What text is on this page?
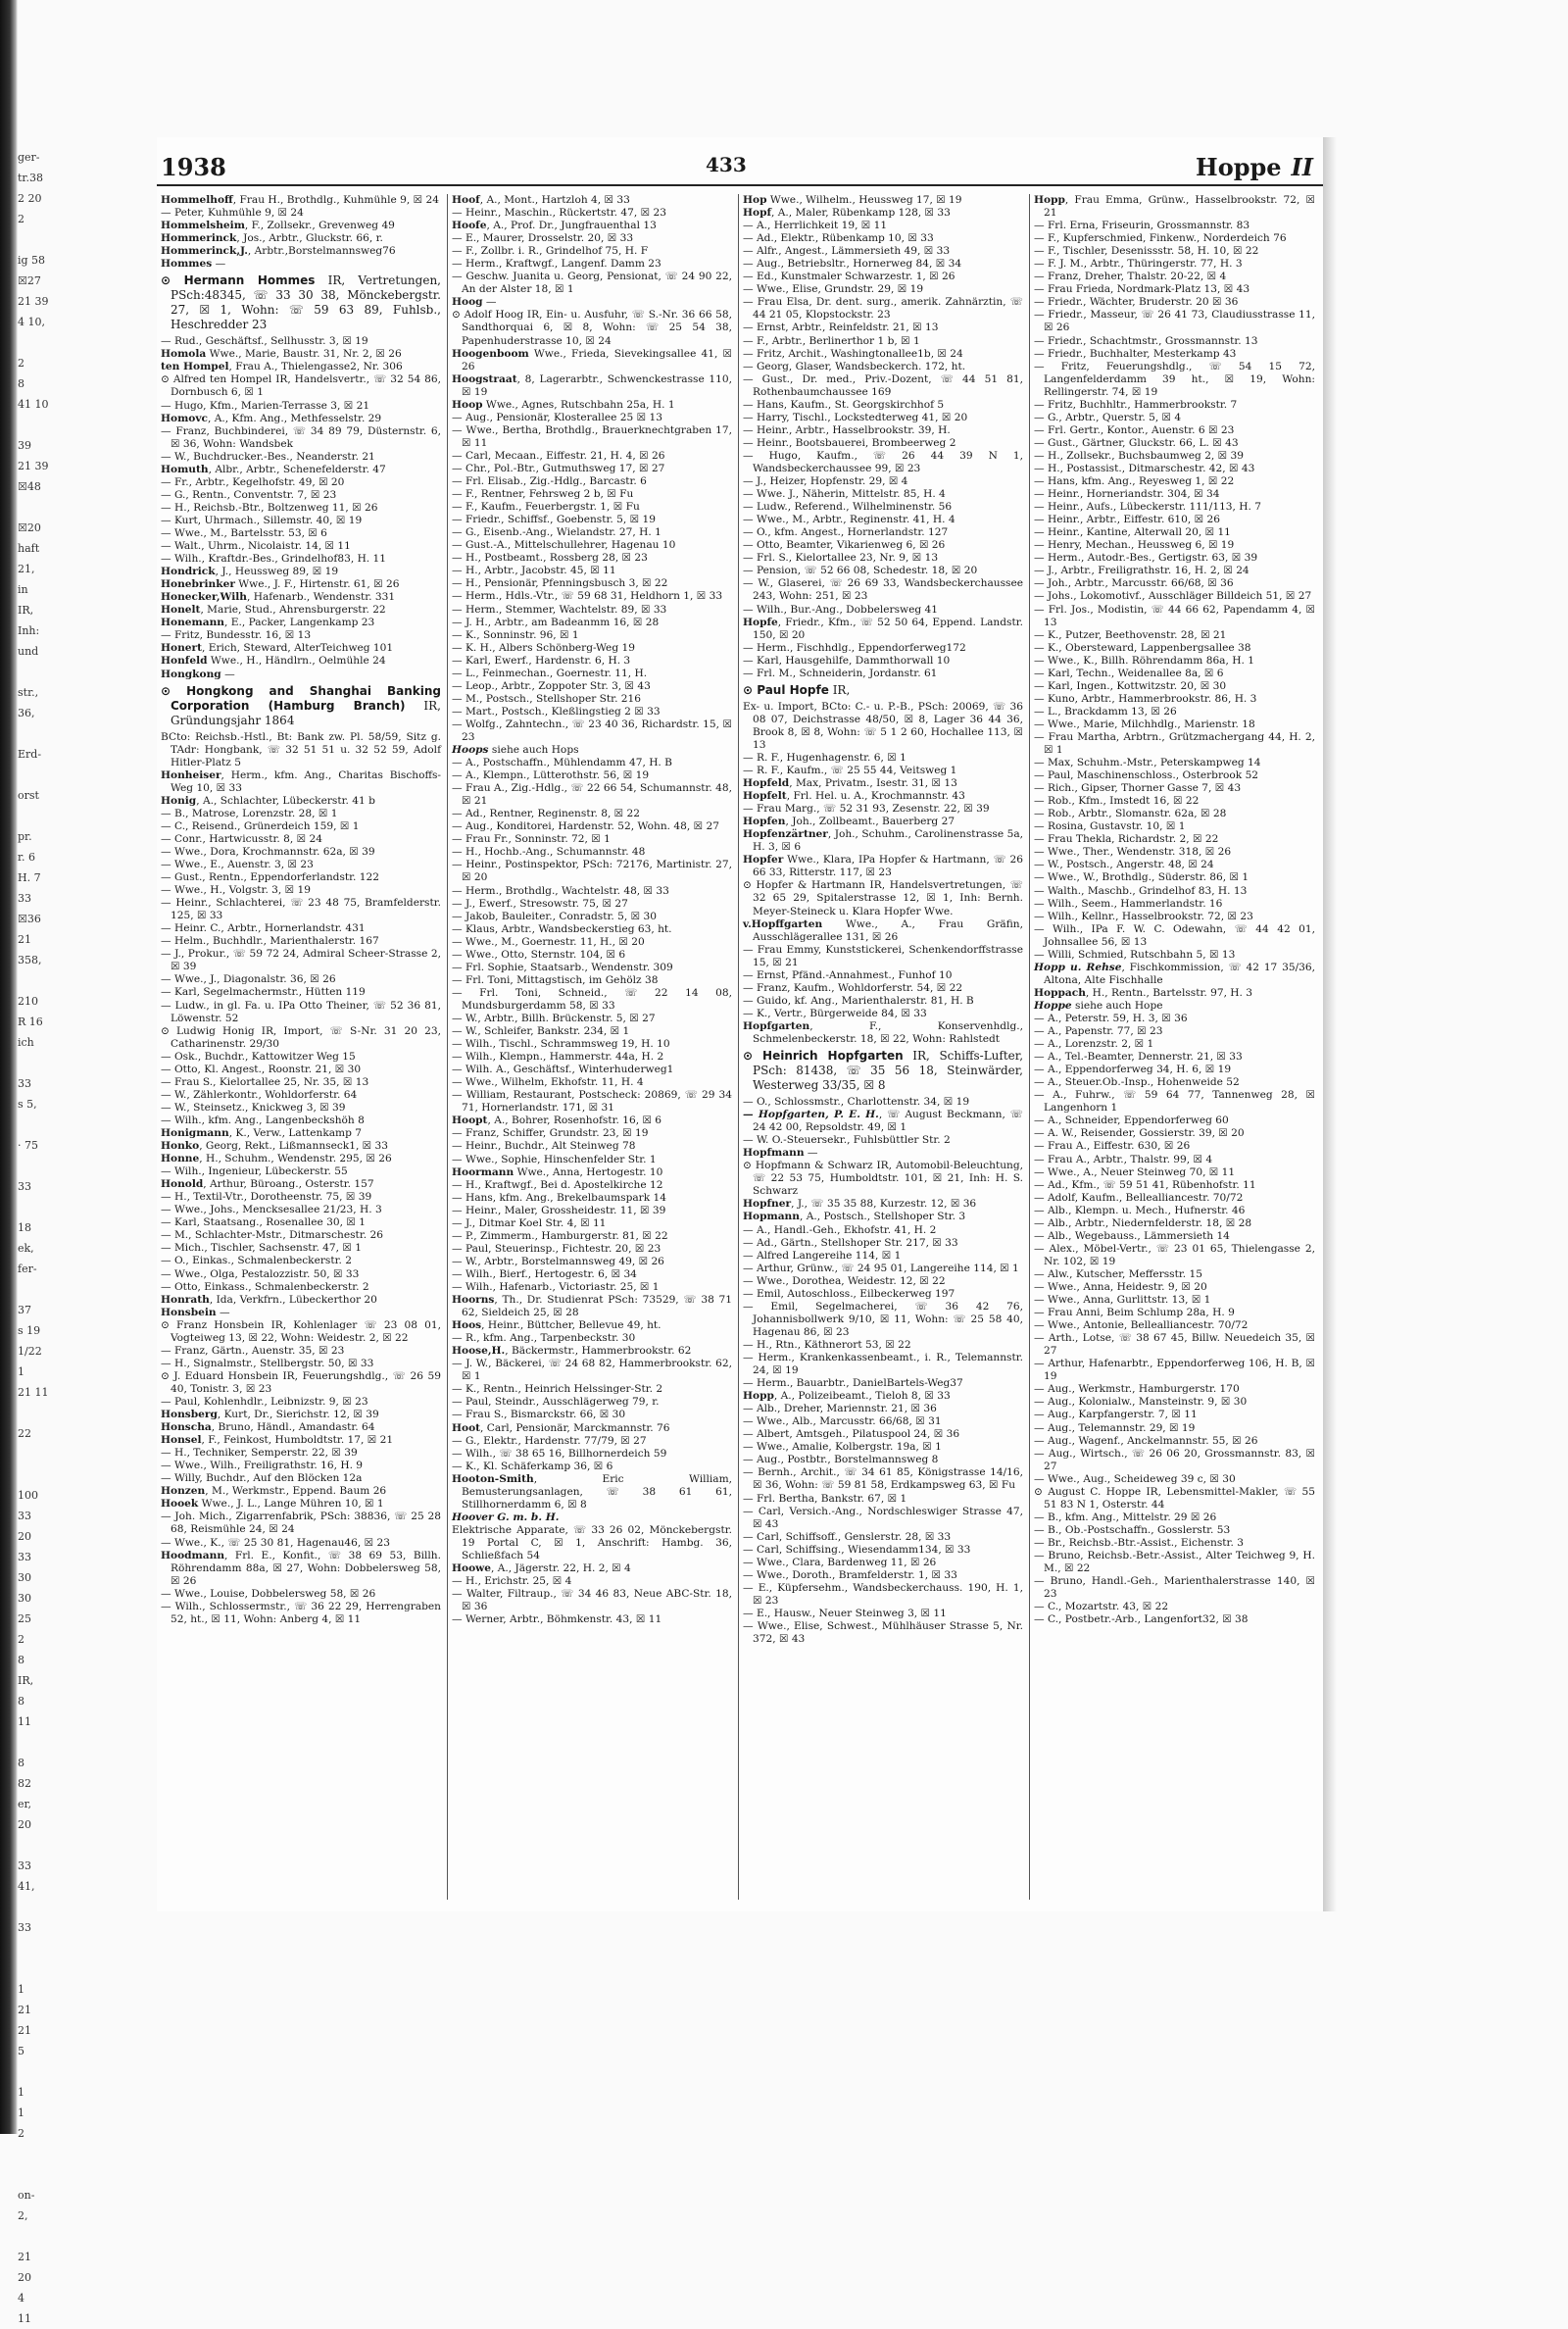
ger-
tr.38
2 20
2

ig 58
☒27
21 39
4 10,

2
8
41 10

39
21 39
☒48

☒20
haft
21,
in
IR,
Inh:
und

str.,
36,

Erd-

orst

pr.
r. 6
H. 7
33
☒36
21
358,

210
R 16
ich

33
s 5,

· 75

33

18
ek,
fer-

37
s 19
1/22
1
21 11

22

100
33
20
33
30
30
25
2
8
IR,
8
11

8
82
er,
20

33
41,

33

1
21
21
5

1
1
2

on-
2,

21
20
4
11
1938	433	Hoppe II

Hommelhoff, Frau H., Brothdlg., Kuhmühle 9, ☒ 24

— Peter, Kuhmühle 9, ☒ 24

Hommelsheim, F., Zollsekr., Grevenweg 49

Hommerinck, Jos., Arbtr., Gluckstr. 66, r.

Hommerinck,J., Arbtr.,Borstelmannsweg76

Hommes —

⊙ Hermann Hommes IR, Vertretungen, PSch:48345, ☏ 33 30 38, Mönckebergstr. 27, ☒ 1, Wohn: ☏ 59 63 89, Fuhlsb., Heschredder 23

— Rud., Geschäftsf., Sellhusstr. 3, ☒ 19

Homola Wwe., Marie, Baustr. 31, Nr. 2, ☒ 26

ten Hompel, Frau A., Thielengasse2, Nr. 306

⊙ Alfred ten Hompel IR, Handelsvertr., ☏ 32 54 86, Dornbusch 6, ☒ 1

— Hugo, Kfm., Marien-Terrasse 3, ☒ 21

Homovc, A., Kfm. Ang., Methfesselstr. 29

— Franz, Buchbinderei, ☏ 34 89 79, Düsternstr. 6, ☒ 36, Wohn: Wandsbek

— W., Buchdrucker.-Bes., Neanderstr. 21

Homuth, Albr., Arbtr., Schenefelderstr. 47

— Fr., Arbtr., Kegelhofstr. 49, ☒ 20

— G., Rentn., Conventstr. 7, ☒ 23

— H., Reichsb.-Btr., Boltzenweg 11, ☒ 26

— Kurt, Uhrmach., Sillemstr. 40, ☒ 19

— Wwe., M., Bartelsstr. 53, ☒ 6

— Walt., Uhrm., Nicolaistr. 14, ☒ 11

— Wilh., Kraftdr.-Bes., Grindelhof83, H. 11

Hondrick, J., Heussweg 89, ☒ 19

Honebrinker Wwe., J. F., Hirtenstr. 61, ☒ 26

Honecker,Wilh, Hafenarb., Wendenstr. 331

Honelt, Marie, Stud., Ahrensburgerstr. 22

Honemann, E., Packer, Langenkamp 23

— Fritz, Bundesstr. 16, ☒ 13

Honert, Erich, Steward, AlterTeichweg 101

Honfeld Wwe., H., Händlrn., Oelmühle 24

Hongkong —

⊙ Hongkong and Shanghai Banking Corporation (Hamburg Branch) IR, Gründungsjahr 1864

BCto: Reichsb.-Hstl., Bt: Bank zw. Pl. 58/59, Sitz g. TAdr: Hongbank, ☏ 32 51 51 u. 32 52 59, Adolf Hitler-Platz 5

Honheiser, Herm., kfm. Ang., Charitas Bischoffs-Weg 10, ☒ 33

Honig, A., Schlachter, Lübeckerstr. 41 b

— B., Matrose, Lorenzstr. 28, ☒ 1

— C., Reisend., Grünerdeich 159, ☒ 1

— Conr., Hartwicusstr. 8, ☒ 24

— Wwe., Dora, Krochmannstr. 62a, ☒ 39

— Wwe., E., Auenstr. 3, ☒ 23

— Gust., Rentn., Eppendorferlandstr. 122

— Wwe., H., Volgstr. 3, ☒ 19

— Heinr., Schlachterei, ☏ 23 48 75, Bramfelderstr. 125, ☒ 33

— Heinr. C., Arbtr., Hornerlandstr. 431

— Helm., Buchhdlr., Marienthalerstr. 167

— J., Prokur., ☏ 59 72 24, Admiral Scheer-Strasse 2, ☒ 39

— Wwe., J., Diagonalstr. 36, ☒ 26

— Karl, Segelmachermstr., Hütten 119

— Ludw., in gl. Fa. u. IPa Otto Theiner, ☏ 52 36 81, Löwenstr. 52

⊙ Ludwig Honig IR, Import, ☏ S-Nr. 31 20 23, Catharinenstr. 29/30

— Osk., Buchdr., Kattowitzer Weg 15

— Otto, Kl. Angest., Roonstr. 21, ☒ 30

— Frau S., Kielortallee 25, Nr. 35, ☒ 13

— W., Zählerkontr., Wohldorferstr. 64

— W., Steinsetz., Knickweg 3, ☒ 39

— Wilh., kfm. Ang., Langenbeckshöh 8

Honigmann, K., Verw., Lattenkamp 7

Honko, Georg, Rekt., Lißmannseck1, ☒ 33

Honne, H., Schuhm., Wendenstr. 295, ☒ 26

— Wilh., Ingenieur, Lübeckerstr. 55

Honold, Arthur, Büroang., Osterstr. 157

— H., Textil-Vtr., Dorotheenstr. 75, ☒ 39

— Wwe., Johs., Mencksesallee 21/23, H. 3

— Karl, Staatsang., Rosenallee 30, ☒ 1

— M., Schlachter-Mstr., Ditmarschestr. 26

— Mich., Tischler, Sachsenstr. 47, ☒ 1

— O., Einkas., Schmalenbeckerstr. 2

— Wwe., Olga, Pestalozzistr. 50, ☒ 33

— Otto, Einkass., Schmalenbeckerstr. 2

Honrath, Ida, Verkfrn., Lübeckerthor 20

Honsbein —

⊙ Franz Honsbein IR, Kohlenlager ☏ 23 08 01, Vogteiweg 13, ☒ 22, Wohn: Weidestr. 2, ☒ 22

— Franz, Gärtn., Auenstr. 35, ☒ 23

— H., Signalmstr., Stellbergstr. 50, ☒ 33

⊙ J. Eduard Honsbein IR, Feuerungshdlg., ☏ 26 59 40, Tonistr. 3, ☒ 23

— Paul, Kohlenhdlr., Leibnizstr. 9, ☒ 23

Honsberg, Kurt, Dr., Sierichstr. 12, ☒ 39

Honscha, Bruno, Händl., Amandastr. 64

Honsel, F., Feinkost, Humboldtstr. 17, ☒ 21

— H., Techniker, Semperstr. 22, ☒ 39

— Wwe., Wilh., Freiligrathstr. 16, H. 9

— Willy, Buchdr., Auf den Blöcken 12a

Honzen, M., Werkmstr., Eppend. Baum 26

Hooek Wwe., J. L., Lange Mühren 10, ☒ 1

— Joh. Mich., Zigarrenfabrik, PSch: 38836, ☏ 25 28 68, Reismühle 24, ☒ 24

— Wwe., K., ☏ 25 30 81, Hagenau46, ☒ 23

Hoodmann, Frl. E., Konfit., ☏ 38 69 53, Billh. Röhrendamm 88a, ☒ 27, Wohn: Dobbelersweg 58, ☒ 26

— Wwe., Louise, Dobbelersweg 58, ☒ 26

— Wilh., Schlossermstr., ☏ 36 22 29, Herrengraben 52, ht., ☒ 11, Wohn: Anberg 4, ☒ 11

Hoof, A., Mont., Hartzloh 4, ☒ 33

— Heinr., Maschin., Rückertstr. 47, ☒ 23

Hoofe, A., Prof. Dr., Jungfrauenthal 13

— E., Maurer, Drosselstr. 20, ☒ 33

— F., Zollbr. i. R., Grindelhof 75, H. F

— Herm., Kraftwgf., Langenf. Damm 23

— Geschw. Juanita u. Georg, Pensionat, ☏ 24 90 22, An der Alster 18, ☒ 1

Hoog —

⊙ Adolf Hoog IR, Ein- u. Ausfuhr, ☏ S.-Nr. 36 66 58, Sandthorquai 6, ☒ 8, Wohn: ☏ 25 54 38, Papenhuderstrasse 10, ☒ 24

Hoogenboom Wwe., Frieda, Sievekingsallee 41, ☒ 26

Hoogstraat, 8, Lagerarbtr., Schwenckestrasse 110, ☒ 19

Hoop Wwe., Agnes, Rutschbahn 25a, H. 1

— Aug., Pensionär, Klosterallee 25 ☒ 13

— Wwe., Bertha, Brothdlg., Brauerknechtgraben 17, ☒ 11

— Carl, Mecaan., Eiffestr. 21, H. 4, ☒ 26

— Chr., Pol.-Btr., Gutmuthsweg 17, ☒ 27

— Frl. Elisab., Zig.-Hdlg., Barcastr. 6

— F., Rentner, Fehrsweg 2 b, ☒ Fu

— F., Kaufm., Feuerbergstr. 1, ☒ Fu

— Friedr., Schiffsf., Goebenstr. 5, ☒ 19

— G., Eisenb.-Ang., Wielandstr. 27, H. 1

— Gust.-A., Mittelschullehrer, Hagenau 10

— H., Postbeamt., Rossberg 28, ☒ 23

— H., Arbtr., Jacobstr. 45, ☒ 11

— H., Pensionär, Pfenningsbusch 3, ☒ 22

— Herm., Hdls.-Vtr., ☏ 59 68 31, Heldhorn 1, ☒ 33

— Herm., Stemmer, Wachtelstr. 89, ☒ 33

— J. H., Arbtr., am Badeanmm 16, ☒ 28

— K., Sonninstr. 96, ☒ 1

— K. H., Albers Schönberg-Weg 19

— Karl, Ewerf., Hardenstr. 6, H. 3

— L., Feinmechan., Goernestr. 11, H.

— Leop., Arbtr., Zoppoter Str. 3, ☒ 43

— M., Postsch., Stellshoper Str. 216

— Mart., Postsch., Kleßlingstieg 2 ☒ 33

— Wolfg., Zahntechn., ☏ 23 40 36, Richardstr. 15, ☒ 23

Hoops siehe auch Hops

— A., Postschaffn., Mühlendamm 47, H. B

— A., Klempn., Lütterothstr. 56, ☒ 19

— Frau A., Zig.-Hdlg., ☏ 22 66 54, Schumannstr. 48, ☒ 21

— Ad., Rentner, Reginenstr. 8, ☒ 22

— Aug., Konditorei, Hardenstr. 52, Wohn. 48, ☒ 27

— Frau Fr., Sonninstr. 72, ☒ 1

— H., Hochb.-Ang., Schumannstr. 48

— Heinr., Postinspektor, PSch: 72176, Martinistr. 27, ☒ 20

— Herm., Brothdlg., Wachtelstr. 48, ☒ 33

— J., Ewerf., Stresowstr. 75, ☒ 27

— Jakob, Bauleiter., Conradstr. 5, ☒ 30

— Klaus, Arbtr., Wandsbeckerstieg 63, ht.

— Wwe., M., Goernestr. 11, H., ☒ 20

— Wwe., Otto, Sternstr. 104, ☒ 6

— Frl. Sophie, Staatsarb., Wendenstr. 309

— Frl. Toni, Mittagstisch, im Gehölz 38

— Frl. Toni, Schneid., ☏ 22 14 08, Mundsburgerdamm 58, ☒ 33

— W., Arbtr., Billh. Brückenstr. 5, ☒ 27

— W., Schleifer, Bankstr. 234, ☒ 1

— Wilh., Tischl., Schrammsweg 19, H. 10

— Wilh., Klempn., Hammerstr. 44a, H. 2

— Wilh. A., Geschäftsf., Winterhuderweg1

— Wwe., Wilhelm, Ekhofstr. 11, H. 4

— William, Restaurant, Postscheck: 20869, ☏ 29 34 71, Hornerlandstr. 171, ☒ 31

Hoopt, A., Bohrer, Rosenhofstr. 16, ☒ 6

— Franz, Schiffer, Grundstr. 23, ☒ 19

— Heinr., Buchdr., Alt Steinweg 78

— Wwe., Sophie, Hinschenfelder Str. 1

Hoormann Wwe., Anna, Hertogestr. 10

— H., Kraftwgf., Bei d. Apostelkirche 12

— Hans, kfm. Ang., Brekelbaumspark 14

— Heinr., Maler, Grossheidestr. 11, ☒ 39

— J., Ditmar Koel Str. 4, ☒ 11

— P., Zimmerm., Hamburgerstr. 81, ☒ 22

— Paul, Steuerinsp., Fichtestr. 20, ☒ 23

— W., Arbtr., Borstelmannsweg 49, ☒ 26

— Wilh., Bierf., Hertogestr. 6, ☒ 34

— Wilh., Hafenarb., Victoriastr. 25, ☒ 1

Hoorns, Th., Dr. Studienrat PSch: 73529, ☏ 38 71 62, Sieldeich 25, ☒ 28

Hoos, Heinr., Büttcher, Bellevue 49, ht.

— R., kfm. Ang., Tarpenbeckstr. 30

Hoose,H., Bäckermstr., Hammerbrookstr. 62

— J. W., Bäckerei, ☏ 24 68 82, Hammerbrookstr. 62, ☒ 1

— K., Rentn., Heinrich Helssinger-Str. 2

— Paul, Steindr., Ausschlägerweg 79, r.

— Frau S., Bismarckstr. 66, ☒ 30

Hoot, Carl, Pensionär, Marckmannstr. 76

— G., Elektr., Hardenstr. 77/79, ☒ 27

— Wilh., ☏ 38 65 16, Billhornerdeich 59

— K., Kl. Schäferkamp 36, ☒ 6

Hooton-Smith, Eric William, Bemusterungsanlagen, ☏ 38 61 61, Stillhornerdamm 6, ☒ 8

Hoover G. m. b. H.

Elektrische Apparate, ☏ 33 26 02, Mönckebergstr. 19 Portal C, ☒ 1, Anschrift: Hambg. 36, Schließfach 54

Hoowe, A., Jägerstr. 22, H. 2, ☒ 4

— H., Erichstr. 25, ☒ 4

— Walter, Filtraup., ☏ 34 46 83, Neue ABC-Str. 18, ☒ 36

— Werner, Arbtr., Böhmkenstr. 43, ☒ 11

Hop Wwe., Wilhelm., Heussweg 17, ☒ 19

Hopf, A., Maler, Rübenkamp 128, ☒ 33

— A., Herrlichkeit 19, ☒ 11

— Ad., Elektr., Rübenkamp 10, ☒ 33

— Alfr., Angest., Lämmersieth 49, ☒ 33

— Aug., Betriebsltr., Hornerweg 84, ☒ 34

— Ed., Kunstmaler Schwarzestr. 1, ☒ 26

— Wwe., Elise, Grundstr. 29, ☒ 19

— Frau Elsa, Dr. dent. surg., amerik. Zahnärztin, ☏ 44 21 05, Klopstockstr. 23

— Ernst, Arbtr., Reinfeldstr. 21, ☒ 13

— F., Arbtr., Berlinerthor 1 b, ☒ 1

— Fritz, Archit., Washingtonallee1b, ☒ 24

— Georg, Glaser, Wandsbeckerch. 172, ht.

— Gust., Dr. med., Priv.-Dozent, ☏ 44 51 81, Rothenbaumchaussee 169

— Hans, Kaufm., St. Georgskirchhof 5

— Harry, Tischl., Lockstedterweg 41, ☒ 20

— Heinr., Arbtr., Hasselbrookstr. 39, H.

— Heinr., Bootsbauerei, Brombeerweg 2

— Hugo, Kaufm., ☏ 26 44 39 N 1, Wandsbeckerchaussee 99, ☒ 23

— J., Heizer, Hopfenstr. 29, ☒ 4

— Wwe. J., Näherin, Mittelstr. 85, H. 4

— Ludw., Referend., Wilhelminenstr. 56

— Wwe., M., Arbtr., Reginenstr. 41, H. 4

— O., kfm. Angest., Hornerlandstr. 127

— Otto, Beamter, Vikarienweg 6, ☒ 26

— Frl. S., Kielortallee 23, Nr. 9, ☒ 13

— Pension, ☏ 52 66 08, Schedestr. 18, ☒ 20

— W., Glaserei, ☏ 26 69 33, Wandsbeckerchaussee 243, Wohn: 251, ☒ 23

— Wilh., Bur.-Ang., Dobbelersweg 41

Hopfe, Friedr., Kfm., ☏ 52 50 64, Eppend. Landstr. 150, ☒ 20

— Herm., Fischhdlg., Eppendorferweg172

— Karl, Hausgehilfe, Dammthorwall 10

— Frl. M., Schneiderin, Jordanstr. 61

⊙ Paul Hopfe IR,

Ex- u. Import, BCto: C.- u. P.-B., PSch: 20069, ☏ 36 08 07, Deichstrasse 48/50, ☒ 8, Lager 36 44 36, Brook 8, ☒ 8, Wohn: ☏ 5 1 2 60, Hochallee 113, ☒ 13

— R. F., Hugenhagenstr. 6, ☒ 1

— R. F., Kaufm., ☏ 25 55 44, Veitsweg 1

Hopfeld, Max, Privatm., Isestr. 31, ☒ 13

Hopfelt, Frl. Hel. u. A., Krochmannstr. 43

— Frau Marg., ☏ 52 31 93, Zesenstr. 22, ☒ 39

Hopfen, Joh., Zollbeamt., Bauerberg 27

Hopfenzärtner, Joh., Schuhm., Carolinenstrasse 5a, H. 3, ☒ 6

Hopfer Wwe., Klara, IPa Hopfer & Hartmann, ☏ 26 66 33, Ritterstr. 117, ☒ 23

⊙ Hopfer & Hartmann IR, Handelsvertretungen, ☏ 32 65 29, Spitalerstrasse 12, ☒ 1, Inh: Bernh. Meyer-Steineck u. Klara Hopfer Wwe.

v.Hopffgarten Wwe., A., Frau Gräfin, Ausschlägerallee 131, ☒ 26

— Frau Emmy, Kunststickerei, Schenkendorffstrasse 15, ☒ 21

— Ernst, Pfänd.-Annahmest., Funhof 10

— Franz, Kaufm., Wohldorferstr. 54, ☒ 22

— Guido, kf. Ang., Marienthalerstr. 81, H. B

— K., Vertr., Bürgerweide 84, ☒ 33

Hopfgarten, F., Konservenhdlg., Schmelenbeckerstr. 18, ☒ 22, Wohn: Rahlstedt

⊙ Heinrich Hopfgarten IR, Schiffs-Lufter, PSch: 81438, ☏ 35 56 18, Steinwärder, Westerweg 33/35, ☒ 8

— O., Schlossmstr., Charlottenstr. 34, ☒ 19

— Hopfgarten, P. E. H., ☏ August Beckmann, ☏ 24 42 00, Repsoldstr. 49, ☒ 1

— W. O.-Steuersekr., Fuhlsbüttler Str. 2

Hopfmann —

⊙ Hopfmann & Schwarz IR, Automobil-Beleuchtung, ☏ 22 53 75, Humboldtstr. 101, ☒ 21, Inh: H. S. Schwarz

Hopfner, J., ☏ 35 35 88, Kurzestr. 12, ☒ 36

Hopmann, A., Postsch., Stellshoper Str. 3

— A., Handl.-Geh., Ekhofstr. 41, H. 2

— Ad., Gärtn., Stellshoper Str. 217, ☒ 33

— Alfred Langereihe 114, ☒ 1

— Arthur, Grünw., ☏ 24 95 01, Langereihe 114, ☒ 1

— Wwe., Dorothea, Weidestr. 12, ☒ 22

— Emil, Autoschloss., Eilbeckerweg 197

— Emil, Segelmacherei, ☏ 36 42 76, Johannisbollwerk 9/10, ☒ 11, Wohn: ☏ 25 58 40, Hagenau 86, ☒ 23

— H., Rtn., Käthnerort 53, ☒ 22

— Herm., Krankenkassenbeamt., i. R., Telemannstr. 24, ☒ 19

— Herm., Bauarbtr., DanielBartels-Weg37

Hopp, A., Polizeibeamt., Tieloh 8, ☒ 33

— Alb., Dreher, Mariennstr. 21, ☒ 36

— Wwe., Alb., Marcusstr. 66/68, ☒ 31

— Albert, Amtsgeh., Pilatuspool 24, ☒ 36

— Wwe., Amalie, Kolbergstr. 19a, ☒ 1

— Aug., Postbtr., Borstelmannsweg 8

— Bernh., Archit., ☏ 34 61 85, Königstrasse 14/16, ☒ 36, Wohn: ☏ 59 81 58, Erdkampsweg 63, ☒ Fu

— Frl. Bertha, Bankstr. 67, ☒ 1

— Carl, Versich.-Ang., Nordschleswiger Strasse 47, ☒ 43

— Carl, Schiffsoff., Genslerstr. 28, ☒ 33

— Carl, Schiffsing., Wiesendamm134, ☒ 33

— Wwe., Clara, Bardenweg 11, ☒ 26

— Wwe., Doroth., Bramfelderstr. 1, ☒ 33

— E., Küpfersehm., Wandsbeckerchauss. 190, H. 1, ☒ 23

— E., Hausw., Neuer Steinweg 3, ☒ 11

— Wwe., Elise, Schwest., Mühlhäuser Strasse 5, Nr. 372, ☒ 43

Hopp, Frau Emma, Grünw., Hasselbrookstr. 72, ☒ 21

— Frl. Erna, Friseurin, Grossmannstr. 83

— F., Kupferschmied, Finkenw., Norderdeich 76

— F., Tischler, Desenissstr. 58, H. 10, ☒ 22

— F. J. M., Arbtr., Thüringerstr. 77, H. 3

— Franz, Dreher, Thalstr. 20-22, ☒ 4

— Frau Frieda, Nordmark-Platz 13, ☒ 43

— Friedr., Wächter, Bruderstr. 20 ☒ 36

— Friedr., Masseur, ☏ 26 41 73, Claudiusstrasse 11, ☒ 26

— Friedr., Schachtmstr., Grossmannstr. 13

— Friedr., Buchhalter, Mesterkamp 43

— Fritz, Feuerungshdlg., ☏ 54 15 72, Langenfelderdamm 39 ht., ☒ 19, Wohn: Rellingerstr. 74, ☒ 19

— Fritz, Buchhltr., Hammerbrookstr. 7

— G., Arbtr., Querstr. 5, ☒ 4

— Frl. Gertr., Kontor., Auenstr. 6 ☒ 23

— Gust., Gärtner, Gluckstr. 66, L. ☒ 43

— H., Zollsekr., Buchsbaumweg 2, ☒ 39

— H., Postassist., Ditmarschestr. 42, ☒ 43

— Hans, kfm. Ang., Reyesweg 1, ☒ 22

— Heinr., Horneriandstr. 304, ☒ 34

— Heinr., Aufs., Lübeckerstr. 111/113, H. 7

— Heinr., Arbtr., Eiffestr. 610, ☒ 26

— Heinr., Kantine, Alterwall 20, ☒ 11

— Henry, Mechan., Heussweg 6, ☒ 19

— Herm., Autodr.-Bes., Gertigstr. 63, ☒ 39

— J., Arbtr., Freiligrathstr. 16, H. 2, ☒ 24

— Joh., Arbtr., Marcusstr. 66/68, ☒ 36

— Johs., Lokomotivf., Ausschläger Billdeich 51, ☒ 27

— Frl. Jos., Modistin, ☏ 44 66 62, Papendamm 4, ☒ 13

— K., Putzer, Beethovenstr. 28, ☒ 21

— K., Obersteward, Lappenbergsallee 38

— Wwe., K., Billh. Röhrendamm 86a, H. 1

— Karl, Techn., Weidenallee 8a, ☒ 6

— Karl, Ingen., Kottwitzstr. 20, ☒ 30

— Kuno, Arbtr., Hammerbrookstr. 86, H. 3

— L., Brackdamm 13, ☒ 26

— Wwe., Marie, Milchhdlg., Marienstr. 18

— Frau Martha, Arbtrn., Grützmachergang 44, H. 2, ☒ 1

— Max, Schuhm.-Mstr., Peterskampweg 14

— Paul, Maschinenschloss., Osterbrook 52

— Rich., Gipser, Thorner Gasse 7, ☒ 43

— Rob., Kfm., Imstedt 16, ☒ 22

— Rob., Arbtr., Slomanstr. 62a, ☒ 28

— Rosina, Gustavstr. 10, ☒ 1

— Frau Thekla, Richardstr. 2, ☒ 22

— Wwe., Ther., Wendenstr. 318, ☒ 26

— W., Postsch., Angerstr. 48, ☒ 24

— Wwe., W., Brothdlg., Süderstr. 86, ☒ 1

— Walth., Maschb., Grindelhof 83, H. 13

— Wilh., Seem., Hammerlandstr. 16

— Wilh., Kellnr., Hasselbrookstr. 72, ☒ 23

— Wilh., IPa F. W. C. Odewahn, ☏ 44 42 01, Johnsallee 56, ☒ 13

— Willi, Schmied, Rutschbahn 5, ☒ 13

Hopp u. Rehse, Fischkommission, ☏ 42 17 35/36, Altona, Alte Fischhalle

Hoppach, H., Rentn., Bartelsstr. 97, H. 3

Hoppe siehe auch Hope

— A., Peterstr. 59, H. 3, ☒ 36

— A., Papenstr. 77, ☒ 23

— A., Lorenzstr. 2, ☒ 1

— A., Tel.-Beamter, Dennerstr. 21, ☒ 33

— A., Eppendorferweg 34, H. 6, ☒ 19

— A., Steuer.Ob.-Insp., Hohenweide 52

— A., Fuhrw., ☏ 59 64 77, Tannenweg 28, ☒ Langenhorn 1

— A., Schneider, Eppendorferweg 60

— A. W., Reisender, Gossierstr. 39, ☒ 20

— Frau A., Eiffestr. 630, ☒ 26

— Frau A., Arbtr., Thalstr. 99, ☒ 4

— Wwe., A., Neuer Steinweg 70, ☒ 11

— Ad., Kfm., ☏ 59 51 41, Rübenhofstr. 11

— Adolf, Kaufm., Bellealliancestr. 70/72

— Alb., Klempn. u. Mech., Hufnerstr. 46

— Alb., Arbtr., Niedernfelderstr. 18, ☒ 28

— Alb., Wegebauss., Lämmersieth 14

— Alex., Möbel-Vertr., ☏ 23 01 65, Thielengasse 2, Nr. 102, ☒ 19

— Alw., Kutscher, Meffersstr. 15

— Wwe., Anna, Heidestr. 9, ☒ 20

— Wwe., Anna, Gurlittstr. 13, ☒ 1

— Frau Anni, Beim Schlump 28a, H. 9

— Wwe., Antonie, Bellealliancestr. 70/72

— Arth., Lotse, ☏ 38 67 45, Billw. Neuedeich 35, ☒ 27

— Arthur, Hafenarbtr., Eppendorferweg 106, H. B, ☒ 19

— Aug., Werkmstr., Hamburgerstr. 170

— Aug., Kolonialw., Mansteinstr. 9, ☒ 30

— Aug., Karpfangerstr. 7, ☒ 11

— Aug., Telemannstr. 29, ☒ 19

— Aug., Wagenf., Anckelmannstr. 55, ☒ 26

— Aug., Wirtsch., ☏ 26 06 20, Grossmannstr. 83, ☒ 27

— Wwe., Aug., Scheideweg 39 c, ☒ 30

⊙ August C. Hoppe IR, Lebensmittel-Makler, ☏ 55 51 83 N 1, Osterstr. 44

— B., kfm. Ang., Mittelstr. 29 ☒ 26

— B., Ob.-Postschaffn., Gosslerstr. 53

— Br., Reichsb.-Btr.-Assist., Eichenstr. 3

— Bruno, Reichsb.-Betr.-Assist., Alter Teichweg 9, H. M., ☒ 22

— Bruno, Handl.-Geh., Marienthalerstrasse 140, ☒ 23

— C., Mozartstr. 43, ☒ 22

— C., Postbetr.-Arb., Langenfort32, ☒ 38
